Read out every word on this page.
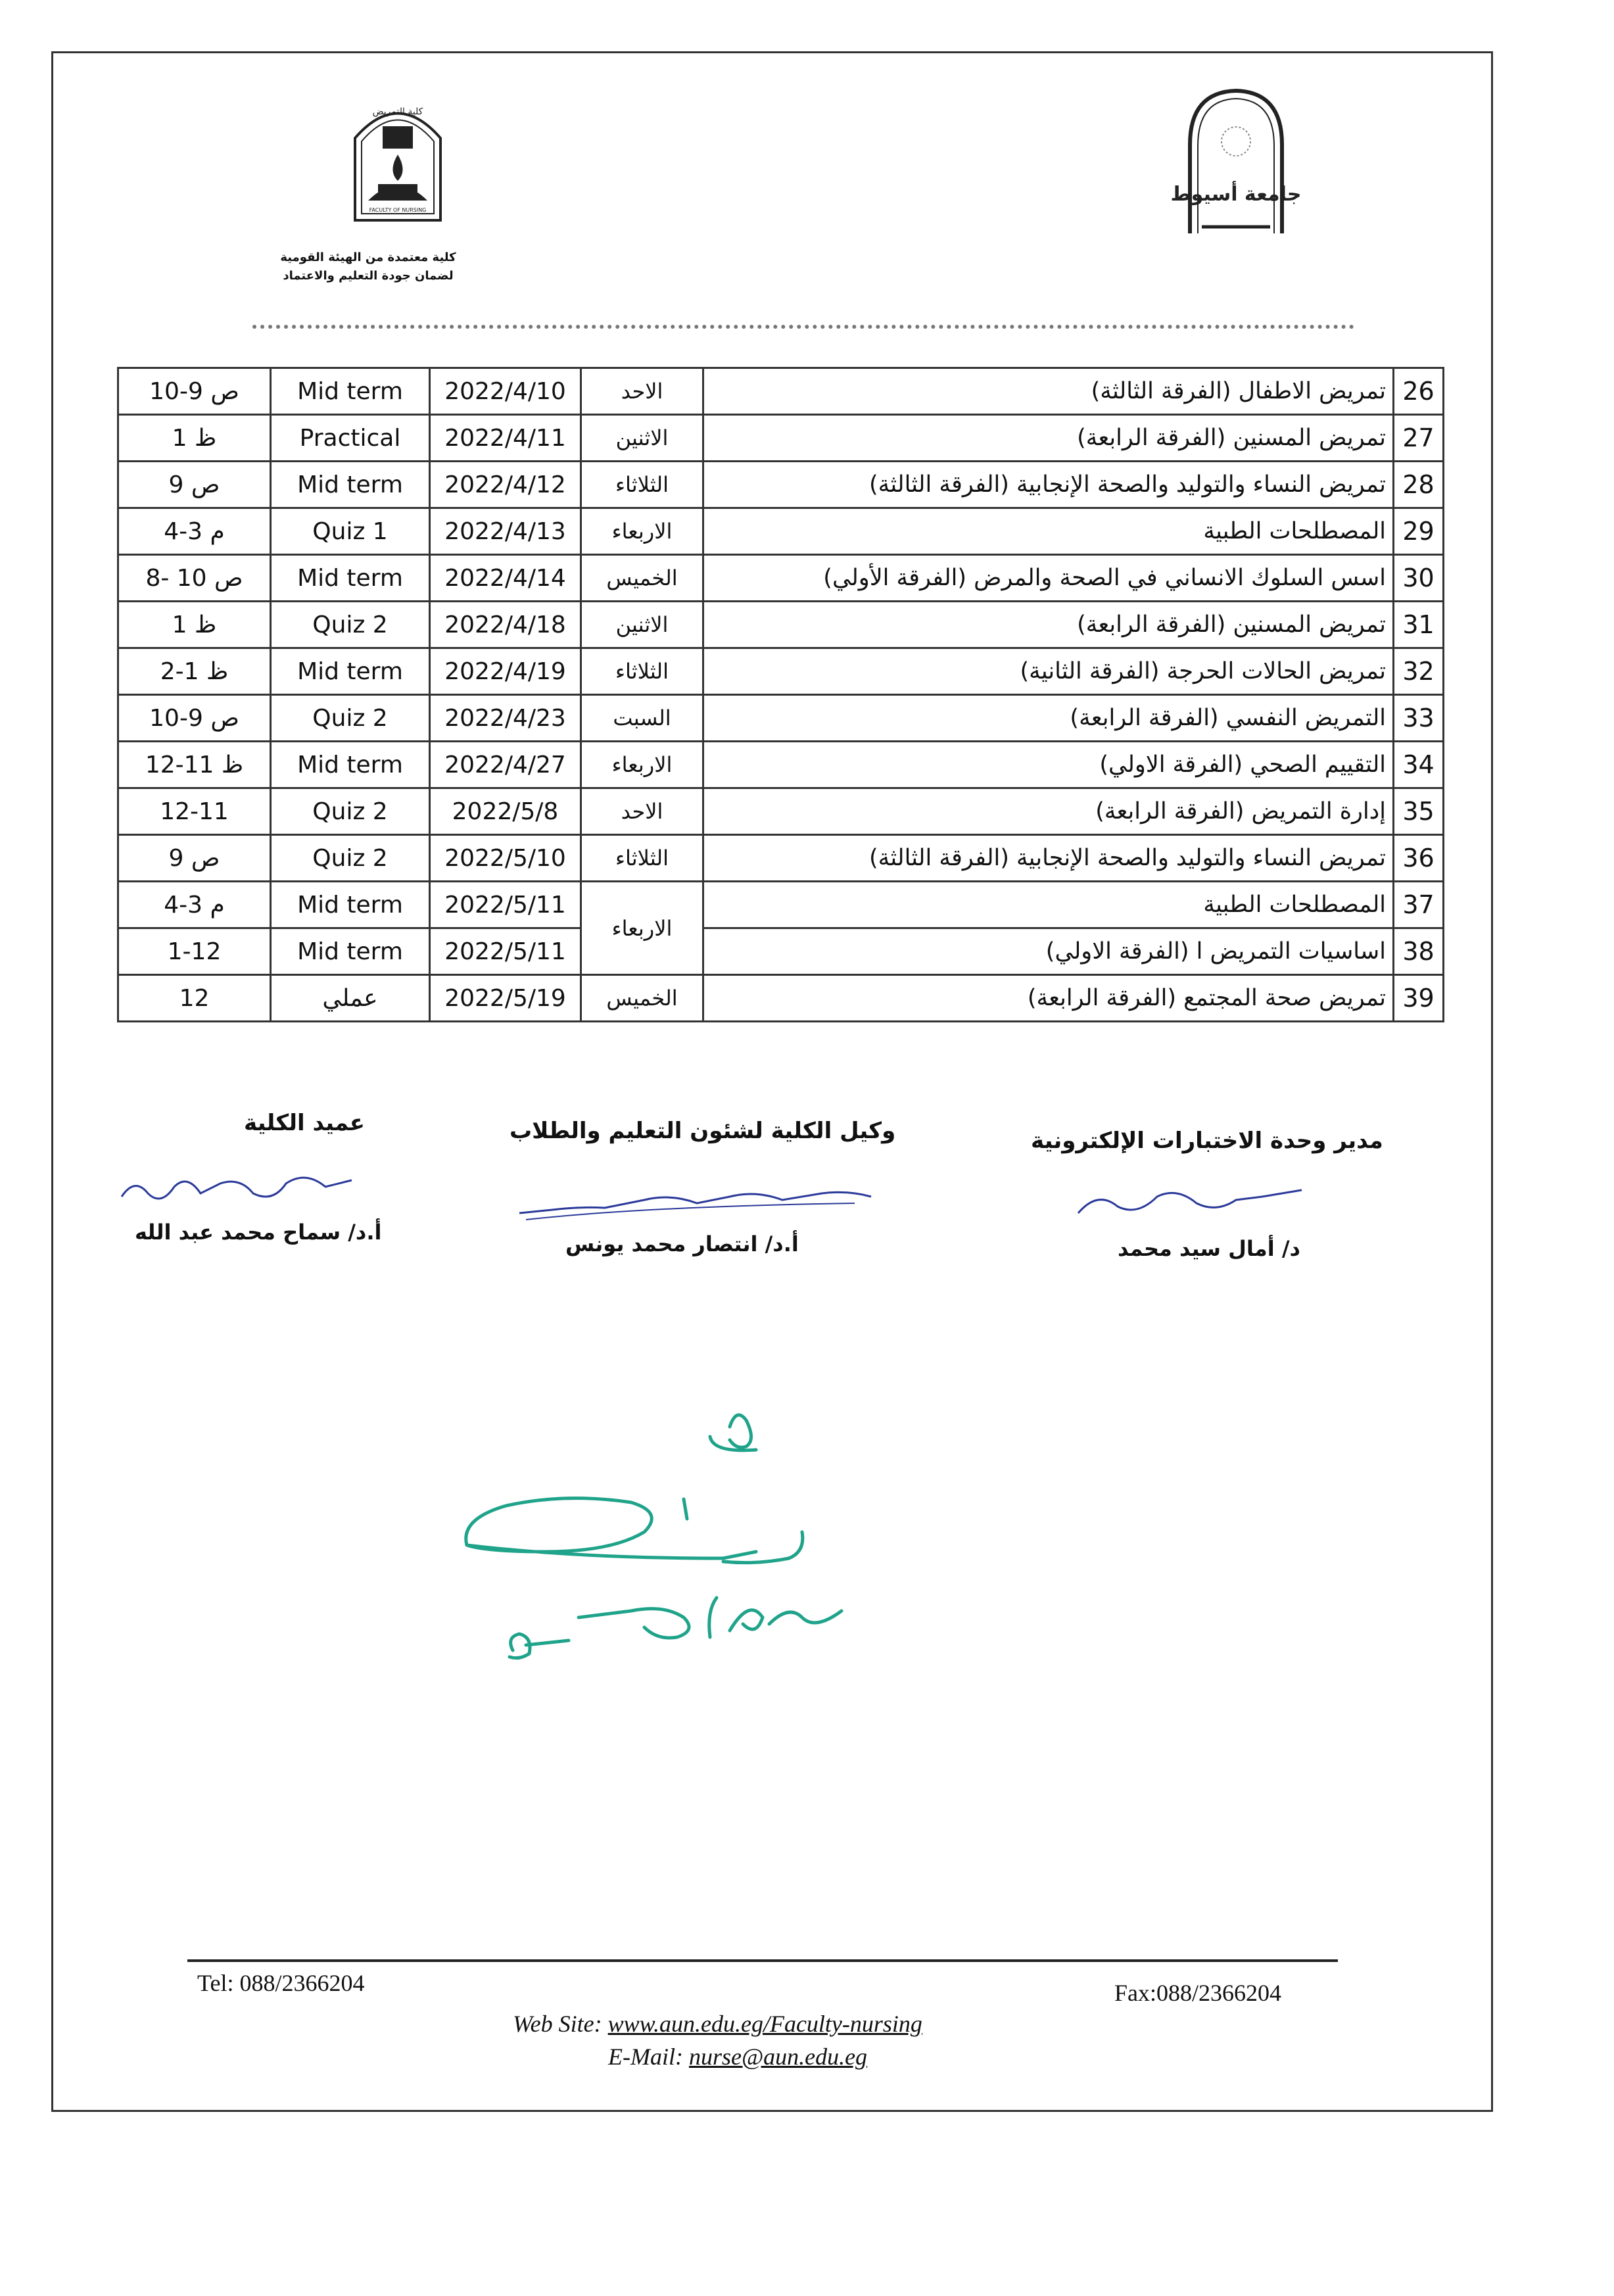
كلية التمريض
FACULTY OF NURSING
جامعة أسيوط
كلية معتمدة من الهيئة القومية
لضمان جودة التعليم والاعتماد
10-9 ص	Mid term	2022/4/10	الاحد	تمريض الاطفال (الفرقة الثالثة)	26
1 ظ	Practical	2022/4/11	الاثنين	تمريض المسنين (الفرقة الرابعة)	27
9 ص	Mid term	2022/4/12	الثلاثاء	تمريض النساء والتوليد والصحة الإنجابية (الفرقة الثالثة)	28
4-3 م	Quiz 1	2022/4/13	الاربعاء	المصطلحات الطبية	29
8- 10 ص	Mid term	2022/4/14	الخميس	اسس السلوك الانساني في الصحة والمرض (الفرقة الأولي)	30
1 ظ	Quiz 2	2022/4/18	الاثنين	تمريض المسنين (الفرقة الرابعة)	31
2-1 ظ	Mid term	2022/4/19	الثلاثاء	تمريض الحالات الحرجة (الفرقة الثانية)	32
10-9 ص	Quiz 2	2022/4/23	السبت	التمريض النفسي (الفرقة الرابعة)	33
12-11 ظ	Mid term	2022/4/27	الاربعاء	التقييم الصحي (الفرقة الاولي)	34
12-11	Quiz 2	2022/5/8	الاحد	إدارة التمريض (الفرقة الرابعة)	35
9 ص	Quiz 2	2022/5/10	الثلاثاء	تمريض النساء والتوليد والصحة الإنجابية (الفرقة الثالثة)	36
4-3 م	Mid term	2022/5/11	الاربعاء	المصطلحات الطبية	37
1-12	Mid term	2022/5/11		اساسيات التمريض ا (الفرقة الاولي)	38
12	عملي	2022/5/19	الخميس	تمريض صحة المجتمع (الفرقة الرابعة)	39
عميد الكلية	وكيل الكلية لشئون التعليم والطلاب	مدير وحدة الاختبارات الإلكترونية
أ.د/ سماح محمد عبد الله	أ.د/ انتصار محمد يونس	د/ أمال سيد محمد
Tel: 088/2366204	Fax:088/2366204
Web Site: www.aun.edu.eg/Faculty-nursing
E-Mail: nurse@aun.edu.eg
